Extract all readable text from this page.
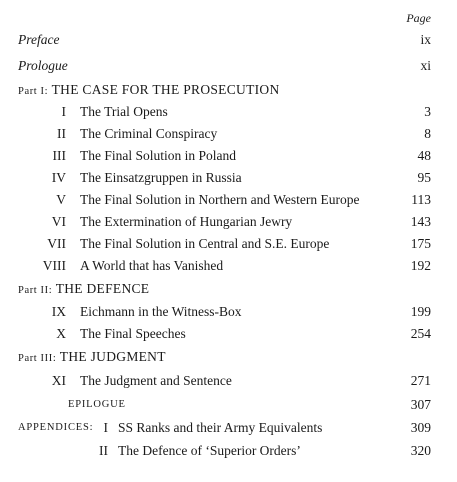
Page
Preface	ix
Prologue	xi
Part I: THE CASE FOR THE PROSECUTION
I The Trial Opens	3
II The Criminal Conspiracy	8
III The Final Solution in Poland	48
IV The Einsatzgruppen in Russia	95
V The Final Solution in Northern and Western Europe	113
VI The Extermination of Hungarian Jewry	143
VII The Final Solution in Central and S.E. Europe	175
VIII A World that has Vanished	192
Part II: THE DEFENCE
IX Eichmann in the Witness-Box	199
X The Final Speeches	254
Part III: THE JUDGMENT
XI The Judgment and Sentence	271
EPILOGUE	307
APPENDICES: I SS Ranks and their Army Equivalents	309
II The Defence of ‘Superior Orders’	320
